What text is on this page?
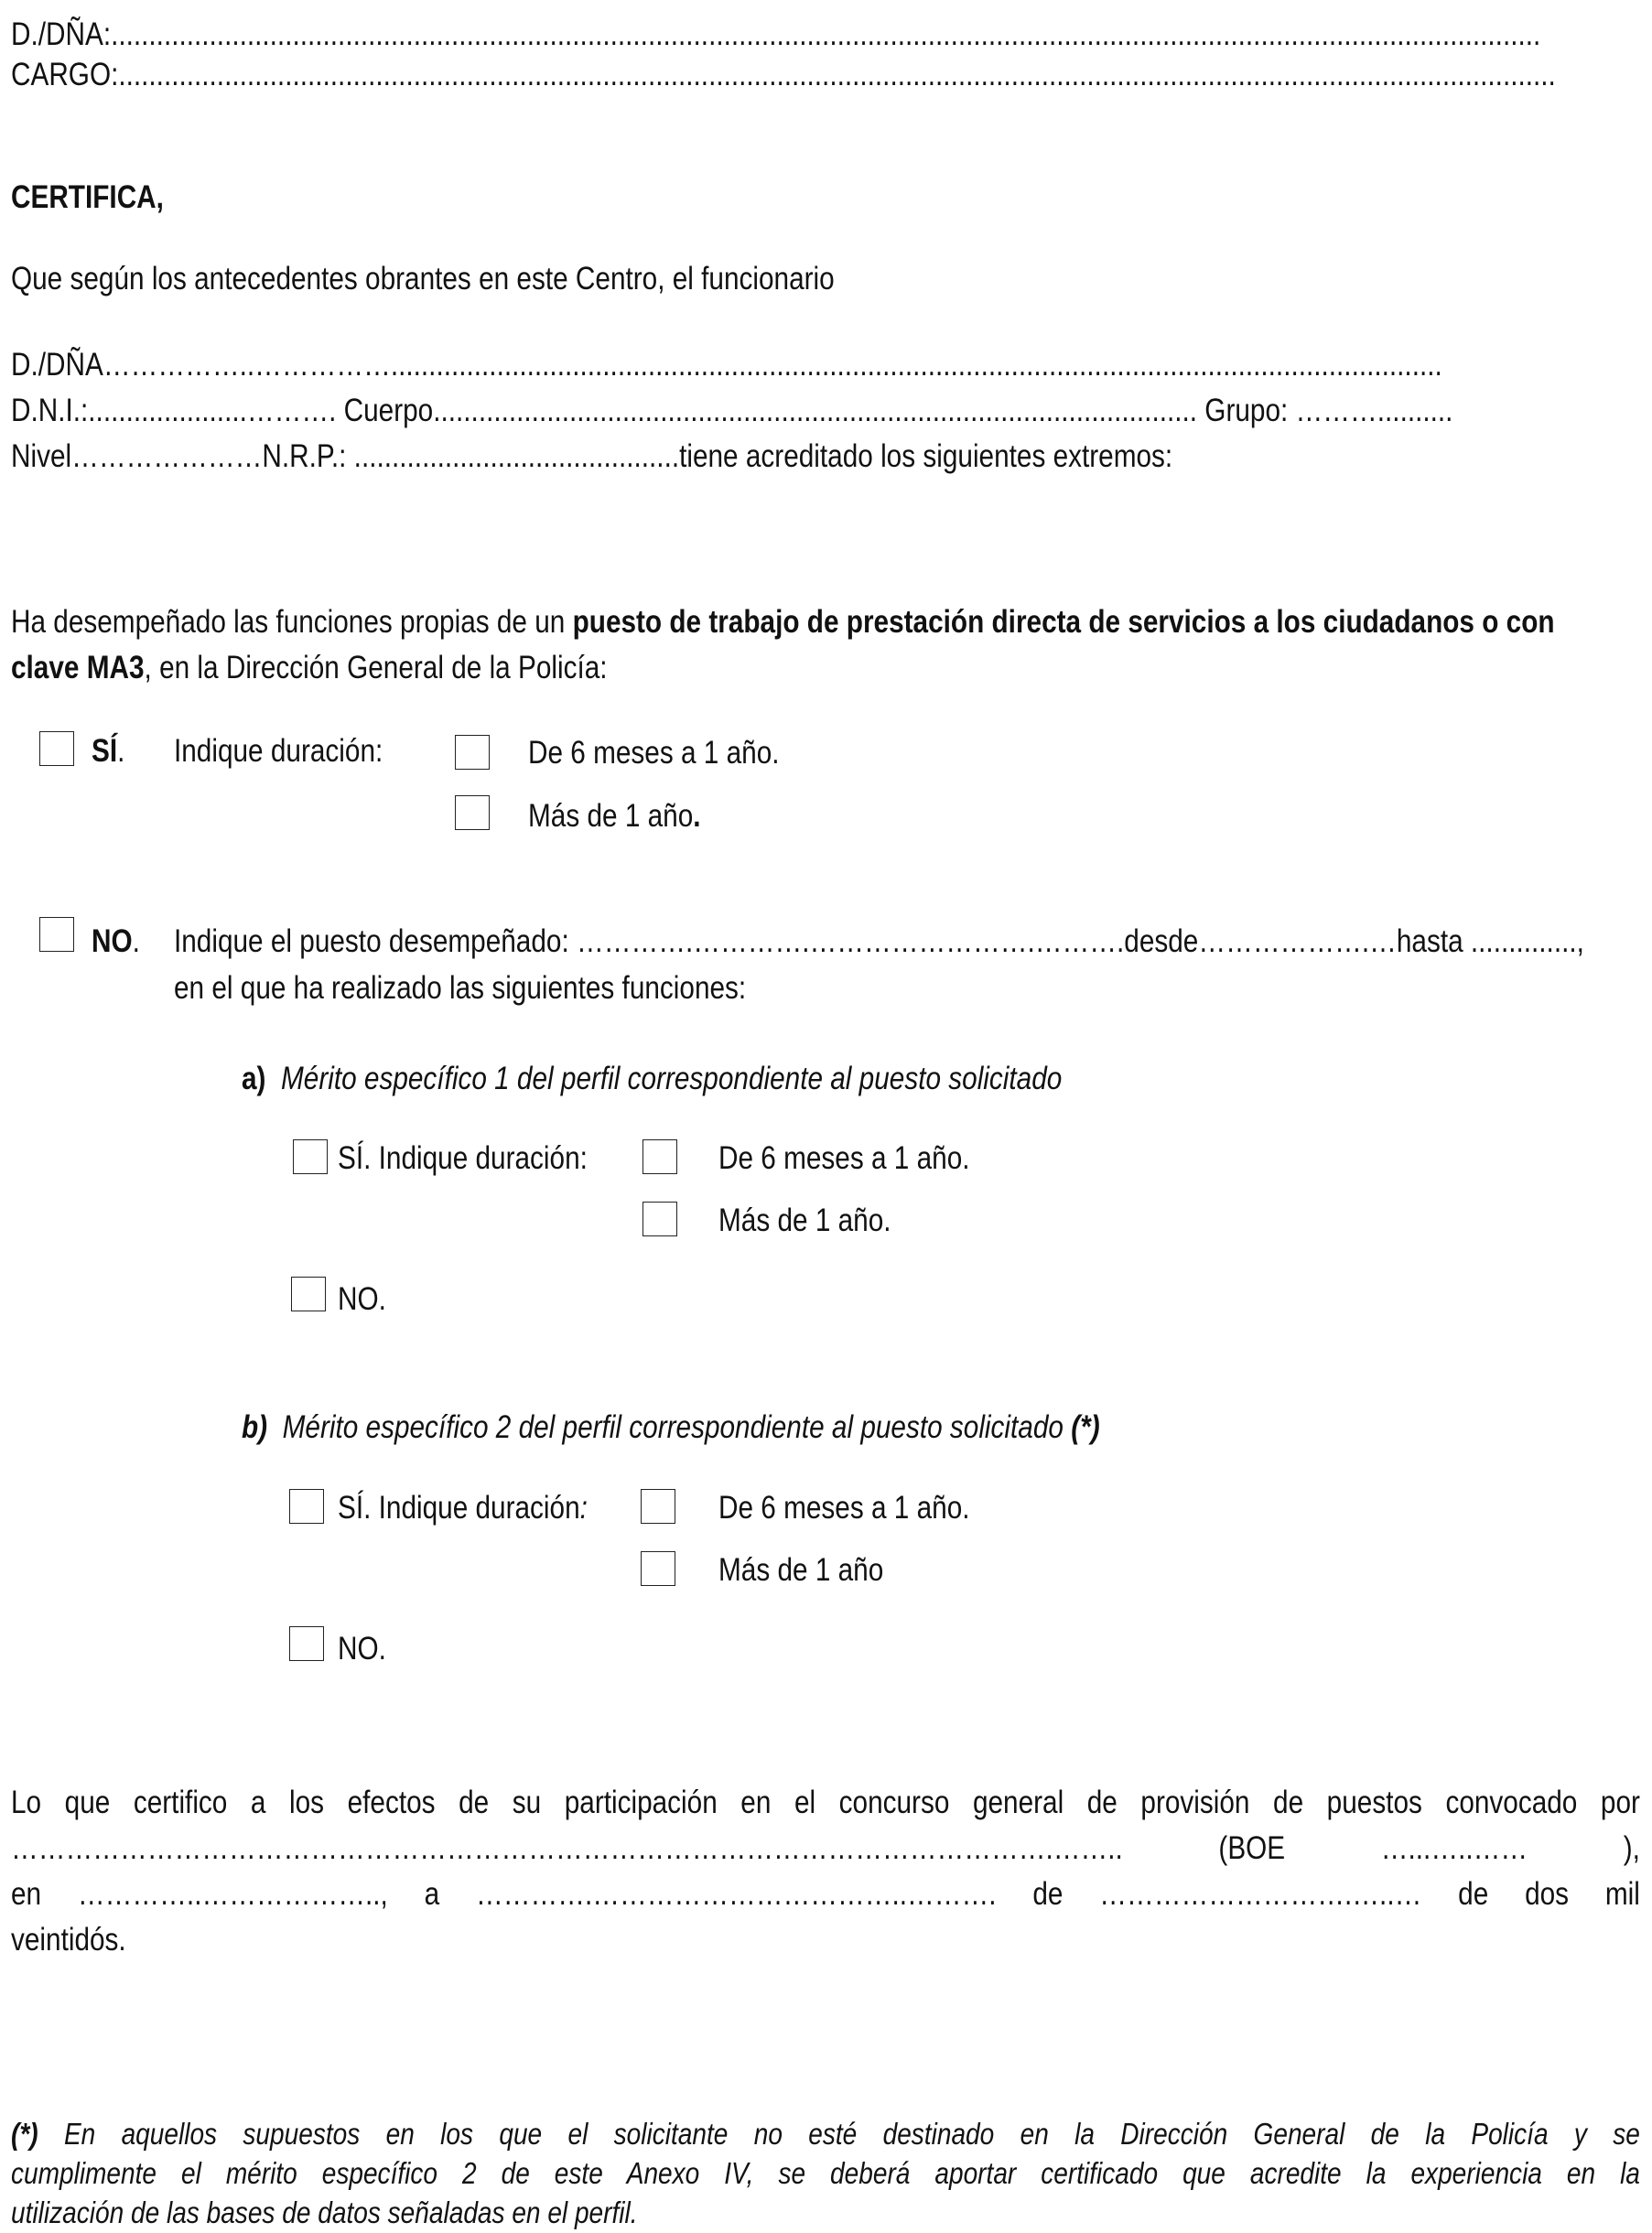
D./DÑA:.............................................................................................................................................................................................
CARGO:..............................................................................................................................................................................................
CERTIFICA,
Que según los antecedentes obrantes en este Centro, el funcionario
D./DÑA……………..……………...........................................................................................................................................
D.N.I.:.....................………. Cuerpo..................................................................................................... Grupo: ………..........
Nivel…………………N.R.P.: ...........................................tiene acreditado los siguientes extremos:
Ha desempeñado las funciones propias de un puesto de trabajo de prestación directa de servicios a los ciudadanos o con
clave MA3, en la Dirección General de la Policía:
SÍ. Indique duración:	De 6 meses a 1 año.
Más de 1 año.
NO. Indique el puesto desempeñado: ………….………….…………………….……….desde……………….…hasta ..............,
en el que ha realizado las siguientes funciones:
a) Mérito específico 1 del perfil correspondiente al puesto solicitado
SÍ. Indique duración:	De 6 meses a 1 año.
Más de 1 año.
NO.
b) Mérito específico 2 del perfil correspondiente al puesto solicitado (*)
SÍ. Indique duración:	De 6 meses a 1 año.
Más de 1 año
NO.
Lo que certifico a los efectos de su participación en el concurso general de provisión de puestos convocado por
…………………………………………………………………………………………………….…….. (BOE …...…..…… ),
en …………..……………….., a ………….……………………………..………. de ……………………….…..… de dos mil
veintidós.
(*) En aquellos supuestos en los que el solicitante no esté destinado en la Dirección General de la Policía y se
cumplimente el mérito específico 2 de este Anexo IV, se deberá aportar certificado que acredite la experiencia en la
utilización de las bases de datos señaladas en el perfil.
